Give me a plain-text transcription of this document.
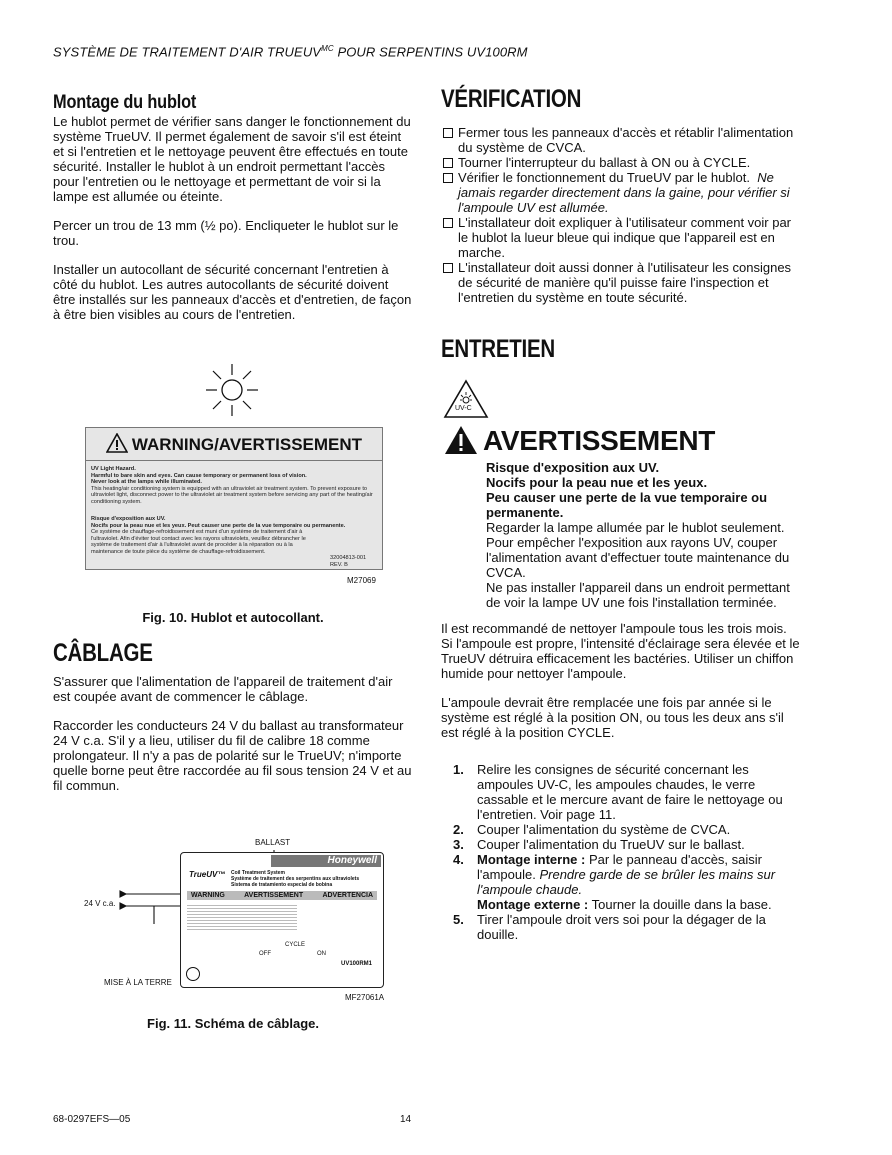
SYSTÈME DE TRAITEMENT D'AIR $TRUEUV^{MC}$ POUR SERPENTINS UV100RM
Montage du hublot

Le hublot permet de vérifier sans danger le fonctionnement du système TrueUV. Il permet également de savoir s'il est éteint et si l'entretien et le nettoyage peuvent être effectués en toute sécurité. Installer le hublot à un endroit permettant l'accès pour l'entretien ou le nettoyage et permettant de voir si la lampe est allumée ou éteinte.

Percer un trou de 13 mm (½ po). Encliqueter le hublot sur le trou.

Installer un autocollant de sécurité concernant l'entretien à côté du hublot. Les autres autocollants de sécurité doivent être installés sur les panneaux d'accès et d'entretien, de façon à être bien visibles au cours de l'entretien.

WARNING/AVERTISSEMENT
UV Light Hazard.
Harmful to bare skin and eyes. Can cause temporary or permanent loss of vision.
Never look at the lamps while illuminated.
This heating/air conditioning system is equipped with an ultraviolet air treatment system. To prevent exposure to ultraviolet light, disconnect power to the ultraviolet air treatment system before servicing any part of the heating/air conditioning system.
Risque d'exposition aux UV.
Nocifs pour la peau nue et les yeux. Peut causer une perte de la vue temporaire ou permanente.
Ce système de chauffage-refroidissement est muni d'un système de traitement d'air à l'ultraviolet. Afin d'éviter tout contact avec les rayons ultraviolets, veuillez débrancher le système de traitement d'air à l'ultraviolet avant de procéder à la réparation ou à la maintenance de toute pièce du système de chauffage-refroidissement.
32004813-001
REV. B
M27069
Fig. 10. Hublot et autocollant.
CÂBLAGE

S'assurer que l'alimentation de l'appareil de traitement d'air est coupée avant de commencer le câblage.

Raccorder les conducteurs 24 V du ballast au transformateur 24 V c.a. S'il y a lieu, utiliser du fil de calibre 18 comme prolongateur. Il n'y a pas de polarité sur le TrueUV; n'importe quelle borne peut être raccordée au fil sous tension 24 V et au fil commun.

BALLAST
24 V c.a.
MISE À LA TERRE
MF27061A
Honeywell
TrueUV™ Coil Treatment System
Système de traitement des serpentins aux ultraviolets
Sistema de tratamiento especial de bobina
WARNING	AVERTISSEMENT	ADVERTENCIA
CYCLE
OFF	ON
UV100RM1
Fig. 11. Schéma de câblage.
VÉRIFICATION
Fermer tous les panneaux d'accès et rétablir l'alimentation du système de CVCA.
Tourner l'interrupteur du ballast à ON ou à CYCLE.
Vérifier le fonctionnement du TrueUV par le hublot. Ne jamais regarder directement dans la gaine, pour vérifier si l'ampoule UV est allumée.
L'installateur doit expliquer à l'utilisateur comment voir par le hublot la lueur bleue qui indique que l'appareil est en marche.
L'installateur doit aussi donner à l'utilisateur les consignes de sécurité de manière qu'il puisse faire l'inspection et l'entretien du système en toute sécurité.
ENTRETIEN
UV-C
AVERTISSEMENT
Risque d'exposition aux UV.
Nocifs pour la peau nue et les yeux.
Peu causer une perte de la vue temporaire ou permanente.
Regarder la lampe allumée par le hublot seulement.
Pour empêcher l'exposition aux rayons UV, couper l'alimentation avant d'effectuer toute maintenance du CVCA.
Ne pas installer l'appareil dans un endroit permettant de voir la lampe UV une fois l'installation terminée.

Il est recommandé de nettoyer l'ampoule tous les trois mois. Si l'ampoule est propre, l'intensité d'éclairage sera élevée et le TrueUV détruira efficacement les bactéries. Utiliser un chiffon humide pour nettoyer l'ampoule.

L'ampoule devrait être remplacée une fois par année si le système est réglé à la position ON, ou tous les deux ans s'il est réglé à la position CYCLE.

1. Relire les consignes de sécurité concernant les ampoules UV-C, les ampoules chaudes, le verre cassable et le mercure avant de faire le nettoyage ou l'entretien. Voir page 11.
2. Couper l'alimentation du système de CVCA.
3. Couper l'alimentation du TrueUV sur le ballast.
4. Montage interne : Par le panneau d'accès, saisir l'ampoule. Prendre garde de se brûler les mains sur l'ampoule chaude.
Montage externe : Tourner la douille dans la base.
5. Tirer l'ampoule droit vers soi pour la dégager de la douille.
68-0297EFS—05	14
